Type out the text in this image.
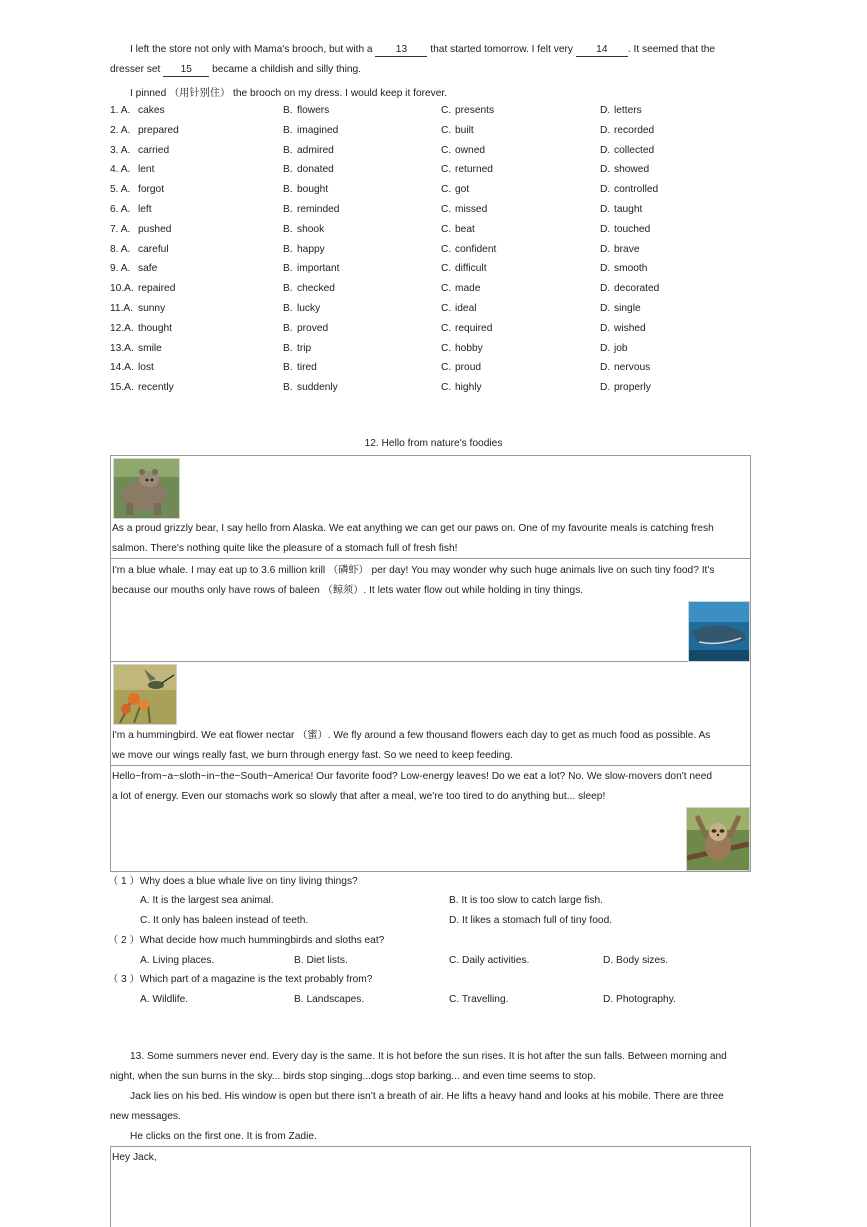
I left the store not only with Mama's brooch, but with a 13 that started tomorrow. I felt very 14 . It seemed that the
dresser set 15 became a childish and silly thing.
I pinned （用针别住） the brooch on my dress. I would keep it forever.
1. A. cakes	B. flowers	C. presents	D. letters
2. A. prepared	B. imagined	C. built	D. recorded
3. A. carried	B. admired	C. owned	D. collected
4. A. lent	B. donated	C. returned	D. showed
5. A. forgot	B. bought	C. got	D. controlled
6. A. left	B. reminded	C. missed	D. taught
7. A. pushed	B. shook	C. beat	D. touched
8. A. careful	B. happy	C. confident	D. brave
9. A. safe	B. important	C. difficult	D. smooth
10.A. repaired	B. checked	C. made	D. decorated
11.A. sunny	B. lucky	C. ideal	D. single
12.A. thought	B. proved	C. required	D. wished
13.A. smile	B. trip	C. hobby	D. job
14.A. lost	B. tired	C. proud	D. nervous
15.A. recently	B. suddenly	C. highly	D. properly
12. Hello from nature's foodies
As a proud grizzly bear, I say hello from Alaska. We eat anything we can get our paws on. One of my favourite meals is catching fresh
salmon. There's nothing quite like the pleasure of a stomach full of fresh fish!
I'm a blue whale. I may eat up to 3.6 million krill （磷虾） per day! You may wonder why such huge animals live on such tiny food? It's
because our mouths only have rows of baleen （鲸须）. It lets water flow out while holding in tiny things.
I'm a hummingbird. We eat flower nectar （蜜）. We fly around a few thousand flowers each day to get as much food as possible. As
we move our wings really fast, we burn through energy fast. So we need to keep feeding.
Hello~from~a~sloth~in~the~South~America! Our favorite food? Low-energy leaves! Do we eat a lot? No. We slow-movers don't need
a lot of energy. Even our stomachs work so slowly that after a meal, we're too tired to do anything but... sleep!
（ 1 ）Why does a blue whale live on tiny living things?
A. It is the largest sea animal.	B. It is too slow to catch large fish.
C. It only has baleen instead of teeth.	D. It likes a stomach full of tiny food.
（ 2 ）What decide how much hummingbirds and sloths eat?
A. Living places.	B. Diet lists.	C. Daily activities.	D. Body sizes.
（ 3 ）Which part of a magazine is the text probably from?
A. Wildlife.	B. Landscapes.	C. Travelling.	D. Photography.
13. Some summers never end. Every day is the same. It is hot before the sun rises. It is hot after the sun falls. Between morning and
night, when the sun burns in the sky... birds stop singing...dogs stop barking... and even time seems to stop.
Jack lies on his bed. His window is open but there isn’t a breath of air. He lifts a heavy hand and looks at his mobile. There are three
new messages.
He clicks on the first one. It is from Zadie.
Hey Jack,
